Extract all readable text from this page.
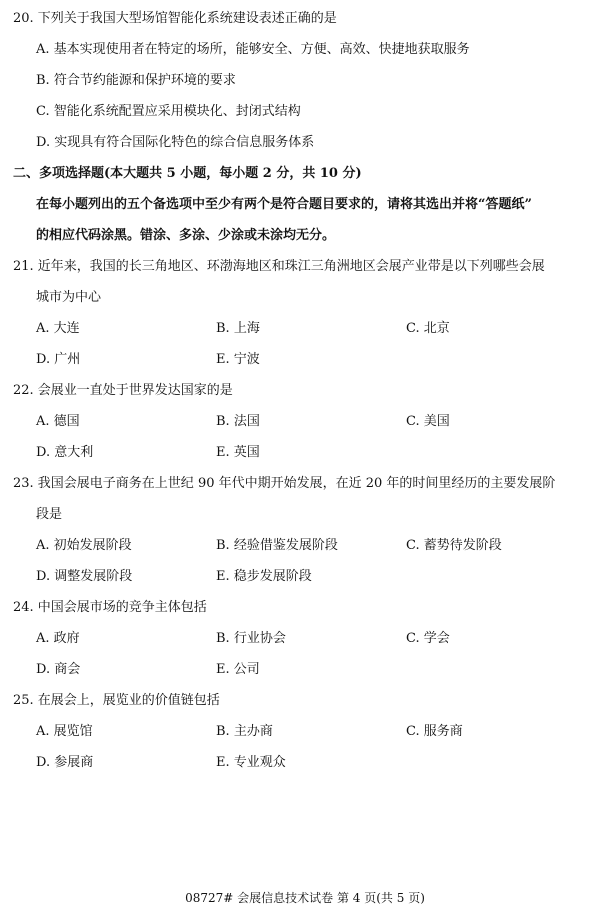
20. 下列关于我国大型场馆智能化系统建设表述正确的是
A. 基本实现使用者在特定的场所，能够安全、方便、高效、快捷地获取服务
B. 符合节约能源和保护环境的要求
C. 智能化系统配置应采用模块化、封闭式结构
D. 实现具有符合国际化特色的综合信息服务体系
二、多项选择题(本大题共 5 小题，每小题 2 分，共 10 分)
在每小题列出的五个备选项中至少有两个是符合题目要求的，请将其选出并将“答题纸”
的相应代码涂黑。错涂、多涂、少涂或未涂均无分。
21. 近年来，我国的长三角地区、环渤海地区和珠江三角洲地区会展产业带是以下列哪些会展
城市为中心
A. 大连	B. 上海	C. 北京
D. 广州	E. 宁波
22. 会展业一直处于世界发达国家的是
A. 德国	B. 法国	C. 美国
D. 意大利	E. 英国
23. 我国会展电子商务在上世纪 90 年代中期开始发展，在近 20 年的时间里经历的主要发展阶
段是
A. 初始发展阶段	B. 经验借鉴发展阶段	C. 蓄势待发阶段
D. 调整发展阶段	E. 稳步发展阶段
24. 中国会展市场的竞争主体包括
A. 政府	B. 行业协会	C. 学会
D. 商会	E. 公司
25. 在展会上，展览业的价值链包括
A. 展览馆	B. 主办商	C. 服务商
D. 参展商	E. 专业观众
08727# 会展信息技术试卷 第 4 页(共 5 页)
